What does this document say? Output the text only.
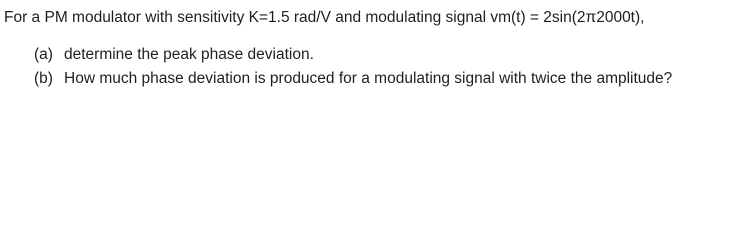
For a PM modulator with sensitivity K=1.5 rad/V and modulating signal vm(t) = 2sin(2π2000t),
(a) determine the peak phase deviation.
(b) How much phase deviation is produced for a modulating signal with twice the amplitude?
